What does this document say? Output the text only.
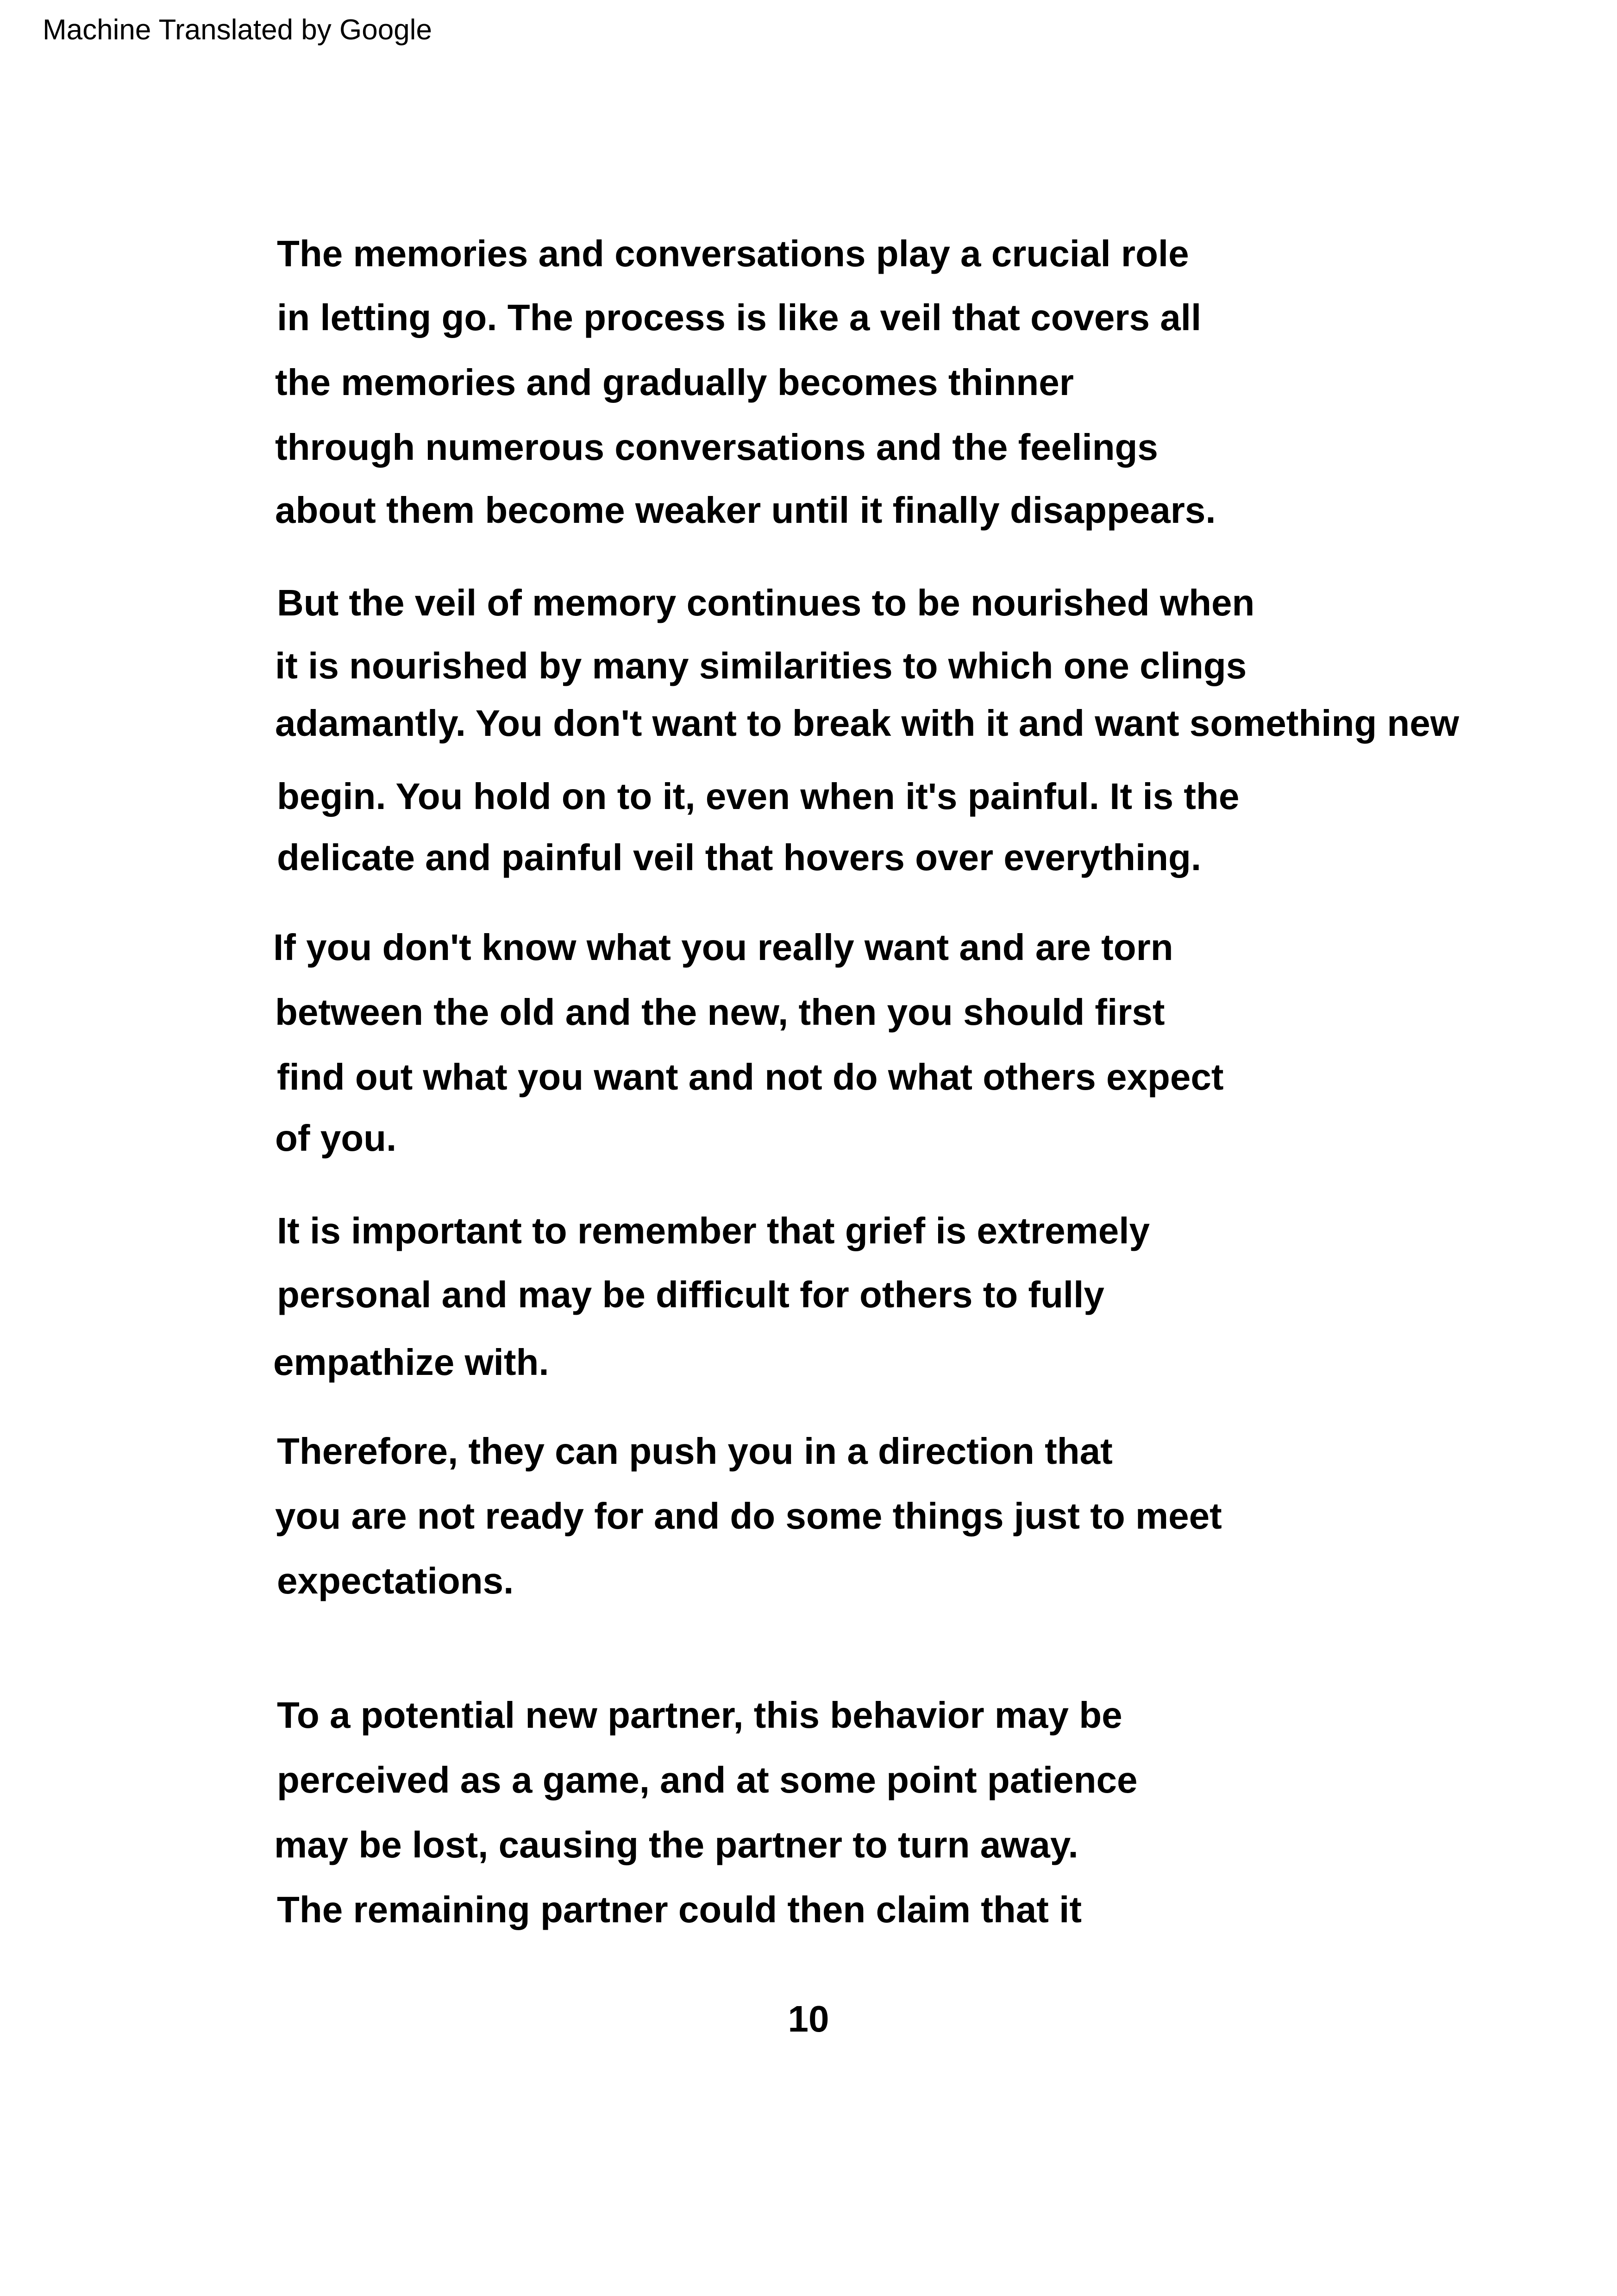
Machine Translated by Google
The memories and conversations play a crucial role
in letting go. The process is like a veil that covers all
the memories and gradually becomes thinner
through numerous conversations and the feelings
about them become weaker until it finally disappears.
But the veil of memory continues to be nourished when
it is nourished by many similarities to which one clings
adamantly. You don't want to break with it and want something new
begin. You hold on to it, even when it's painful. It is the
delicate and painful veil that hovers over everything.
If you don't know what you really want and are torn
between the old and the new, then you should first
find out what you want and not do what others expect
of you.
It is important to remember that grief is extremely
personal and may be difficult for others to fully
empathize with.
Therefore, they can push you in a direction that
you are not ready for and do some things just to meet
expectations.
To a potential new partner, this behavior may be
perceived as a game, and at some point patience
may be lost, causing the partner to turn away.
The remaining partner could then claim that it
10
